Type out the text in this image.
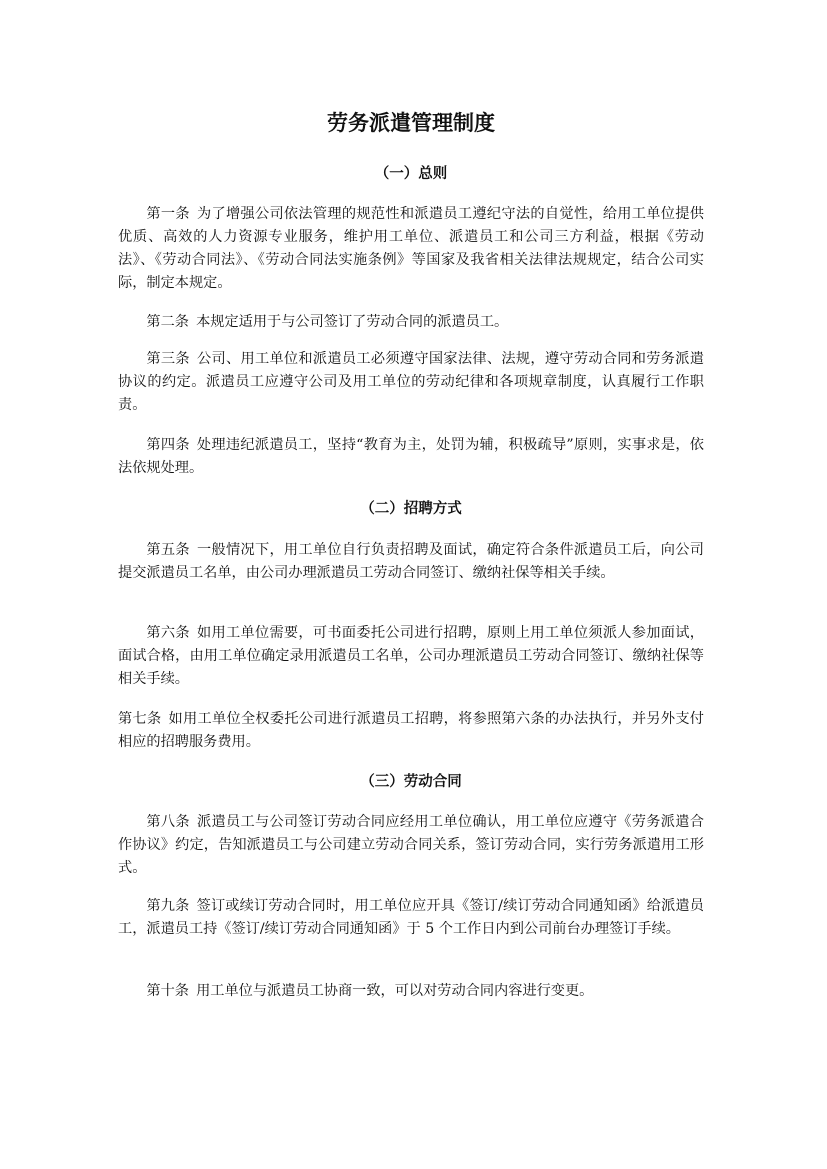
劳务派遣管理制度
（一）总则

第一条 为了增强公司依法管理的规范性和派遣员工遵纪守法的自觉性，给用工单位提供优质、高效的人力资源专业服务，维护用工单位、派遣员工和公司三方利益，根据《劳动法》、《劳动合同法》、《劳动合同法实施条例》等国家及我省相关法律法规规定，结合公司实际，制定本规定。

第二条 本规定适用于与公司签订了劳动合同的派遣员工。

第三条 公司、用工单位和派遣员工必须遵守国家法律、法规，遵守劳动合同和劳务派遣协议的约定。派遣员工应遵守公司及用工单位的劳动纪律和各项规章制度，认真履行工作职责。

第四条 处理违纪派遣员工，坚持“教育为主，处罚为辅，积极疏导”原则，实事求是，依法依规处理。

（二）招聘方式

第五条 一般情况下，用工单位自行负责招聘及面试，确定符合条件派遣员工后，向公司提交派遣员工名单，由公司办理派遣员工劳动合同签订、缴纳社保等相关手续。

第六条 如用工单位需要，可书面委托公司进行招聘，原则上用工单位须派人参加面试，面试合格，由用工单位确定录用派遣员工名单，公司办理派遣员工劳动合同签订、缴纳社保等相关手续。

第七条 如用工单位全权委托公司进行派遣员工招聘，将参照第六条的办法执行，并另外支付相应的招聘服务费用。

（三）劳动合同

第八条 派遣员工与公司签订劳动合同应经用工单位确认，用工单位应遵守《劳务派遣合作协议》约定，告知派遣员工与公司建立劳动合同关系，签订劳动合同，实行劳务派遣用工形式。

第九条 签订或续订劳动合同时，用工单位应开具《签订/续订劳动合同通知函》给派遣员工，派遣员工持《签订/续订劳动合同通知函》于 5 个工作日内到公司前台办理签订手续。

第十条 用工单位与派遣员工协商一致，可以对劳动合同内容进行变更。
